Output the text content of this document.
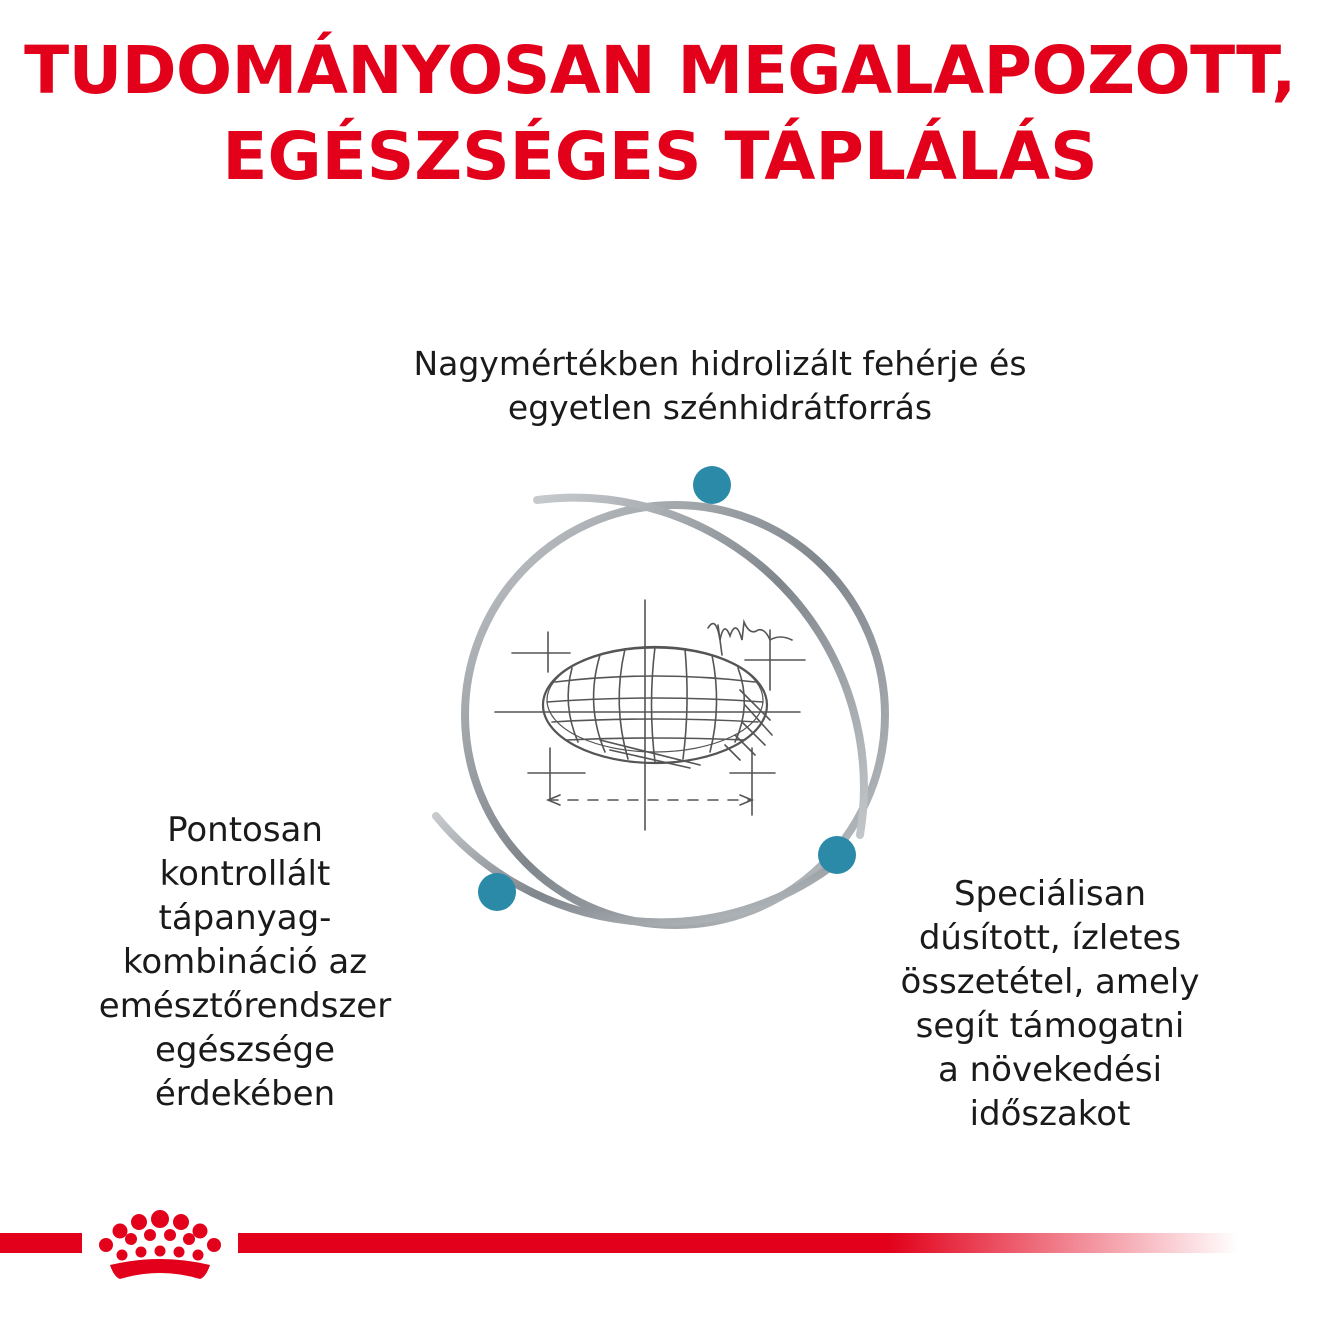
TUDOMÁNYOSAN MEGALAPOZOTT,
EGÉSZSÉGES TÁPLÁLÁS
Nagymértékben hidrolizált fehérje és
egyetlen szénhidrátforrás
Pontosan
kontrollált
tápanyag-
kombináció az
emésztőrendszer
egészsége
érdekében
Speciálisan
dúsított, ízletes
összetétel, amely
segít támogatni
a növekedési
időszakot
